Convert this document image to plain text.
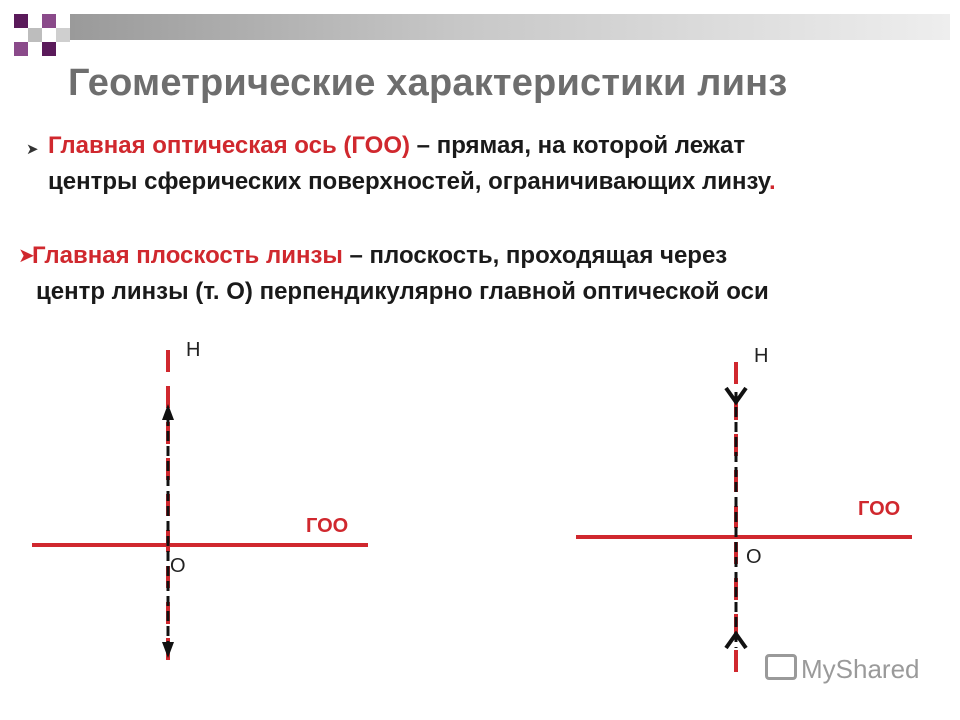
Геометрические характеристики линз
➤ Главная оптическая ось (ГОО) – прямая, на которой лежат
центры сферических поверхностей, ограничивающих линзу.
➤
Главная плоскость линзы – плоскость, проходящая через
центр линзы (т. О) перпендикулярно главной оптической оси
Н
ГОО
О
Н
ГОО
О
MyShared
